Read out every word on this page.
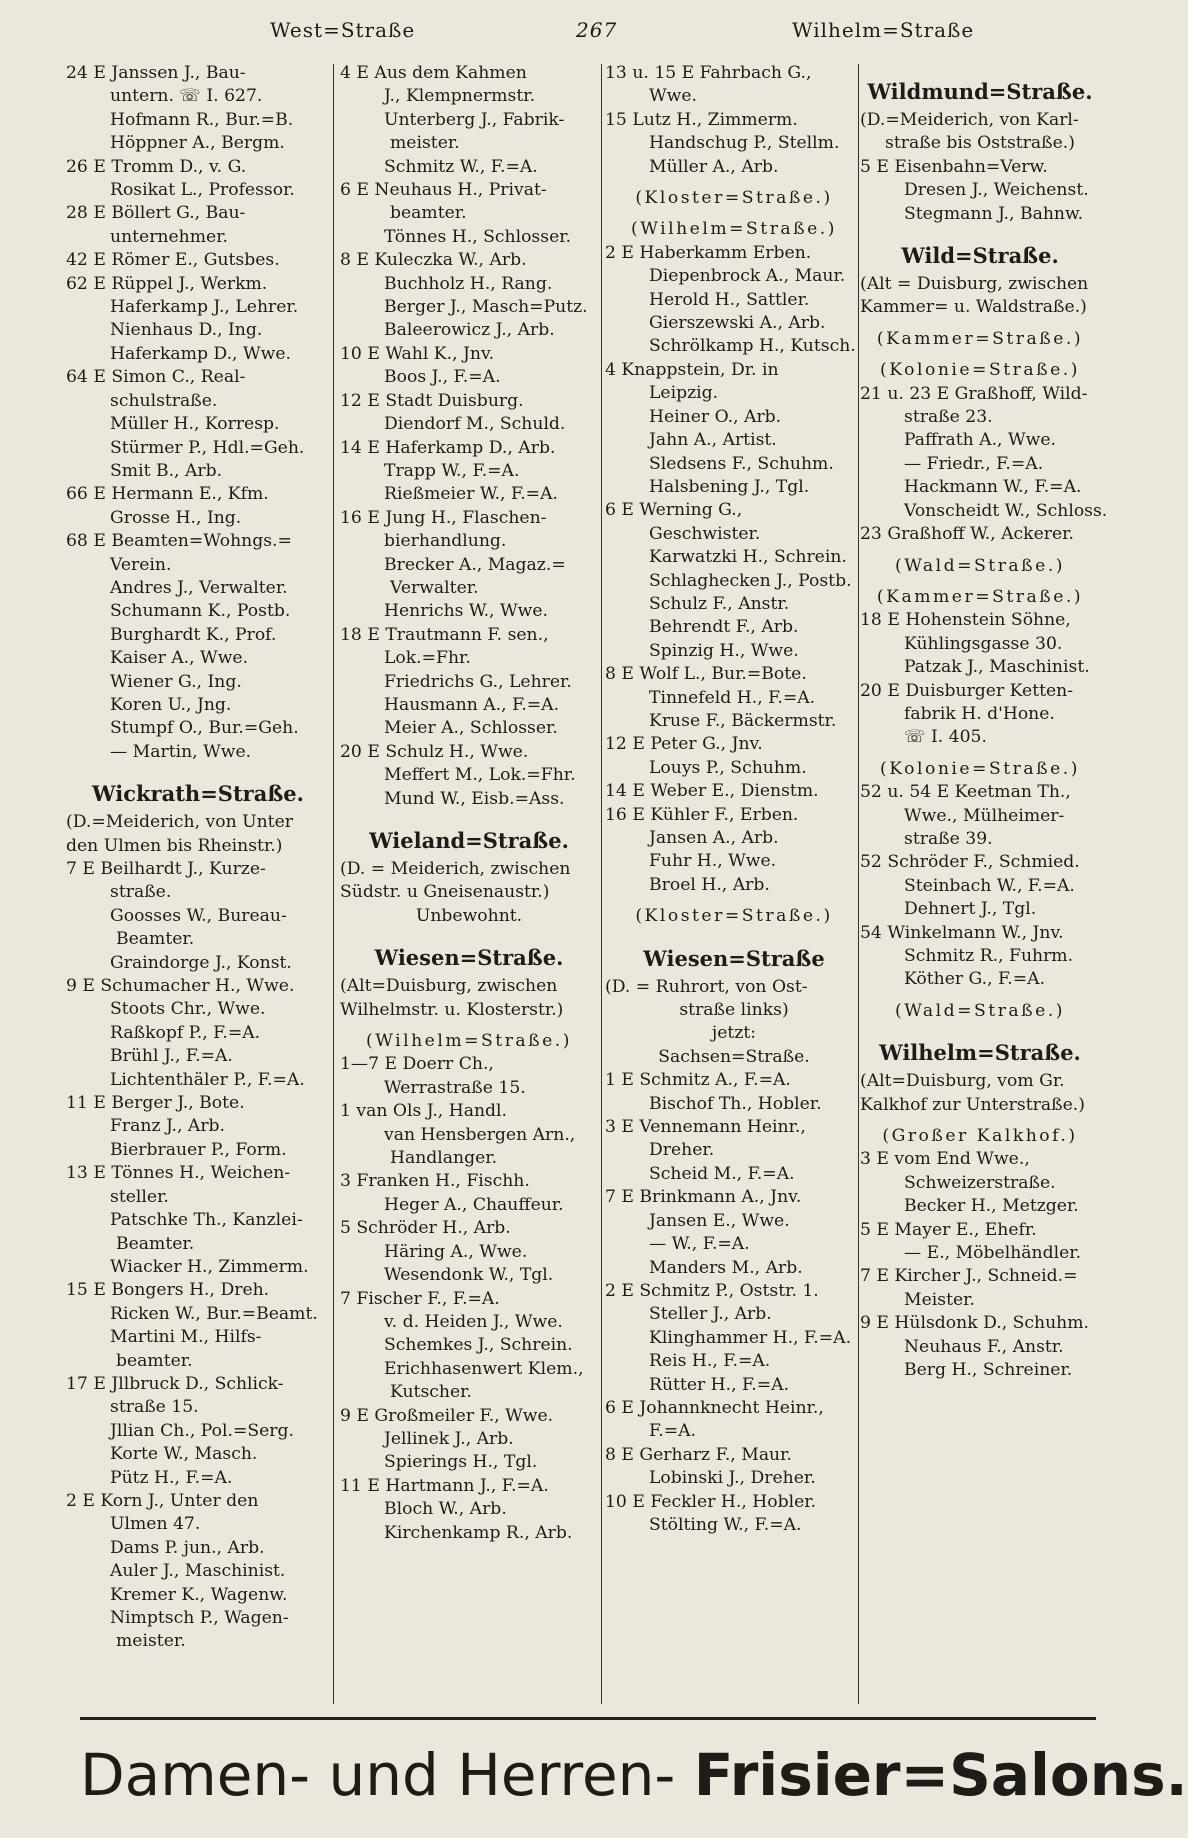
West=Straße	267	Wilhelm=Straße
24 E Janssen J., Bau-
untern. ☏ I. 627.
Hofmann R., Bur.=B.
Höppner A., Bergm.
26 E Tromm D., v. G.
Rosikat L., Professor.
28 E Böllert G., Bau-
unternehmer.
42 E Römer E., Gutsbes.
62 E Rüppel J., Werkm.
Haferkamp J., Lehrer.
Nienhaus D., Ing.
Haferkamp D., Wwe.
64 E Simon C., Real-
schulstraße.
Müller H., Korresp.
Stürmer P., Hdl.=Geh.
Smit B., Arb.
66 E Hermann E., Kfm.
Grosse H., Ing.
68 E Beamten=Wohngs.=
Verein.
Andres J., Verwalter.
Schumann K., Postb.
Burghardt K., Prof.
Kaiser A., Wwe.
Wiener G., Ing.
Koren U., Jng.
Stumpf O., Bur.=Geh.
— Martin, Wwe.
Wickrath=Straße.
(D.=Meiderich, von Unter
den Ulmen bis Rheinstr.)
7 E Beilhardt J., Kurze-
straße.
Goosses W., Bureau-
Beamter.
Graindorge J., Konst.
9 E Schumacher H., Wwe.
Stoots Chr., Wwe.
Raßkopf P., F.=A.
Brühl J., F.=A.
Lichtenthäler P., F.=A.
11 E Berger J., Bote.
Franz J., Arb.
Bierbrauer P., Form.
13 E Tönnes H., Weichen-
steller.
Patschke Th., Kanzlei-
Beamter.
Wiacker H., Zimmerm.
15 E Bongers H., Dreh.
Ricken W., Bur.=Beamt.
Martini M., Hilfs-
beamter.
17 E Jllbruck D., Schlick-
straße 15.
Jllian Ch., Pol.=Serg.
Korte W., Masch.
Pütz H., F.=A.
2 E Korn J., Unter den
Ulmen 47.
Dams P. jun., Arb.
Auler J., Maschinist.
Kremer K., Wagenw.
Nimptsch P., Wagen-
meister.
4 E Aus dem Kahmen
J., Klempnermstr.
Unterberg J., Fabrik-
meister.
Schmitz W., F.=A.
6 E Neuhaus H., Privat-
beamter.
Tönnes H., Schlosser.
8 E Kuleczka W., Arb.
Buchholz H., Rang.
Berger J., Masch=Putz.
Baleerowicz J., Arb.
10 E Wahl K., Jnv.
Boos J., F.=A.
12 E Stadt Duisburg.
Diendorf M., Schuld.
14 E Haferkamp D., Arb.
Trapp W., F.=A.
Rießmeier W., F.=A.
16 E Jung H., Flaschen-
bierhandlung.
Brecker A., Magaz.=
Verwalter.
Henrichs W., Wwe.
18 E Trautmann F. sen.,
Lok.=Fhr.
Friedrichs G., Lehrer.
Hausmann A., F.=A.
Meier A., Schlosser.
20 E Schulz H., Wwe.
Meffert M., Lok.=Fhr.
Mund W., Eisb.=Ass.
Wieland=Straße.
(D. = Meiderich, zwischen
Südstr. u Gneisenaustr.)
Unbewohnt.
Wiesen=Straße.
(Alt=Duisburg, zwischen
Wilhelmstr. u. Klosterstr.)
(Wilhelm=Straße.)
1—7 E Doerr Ch.,
Werrastraße 15.
1 van Ols J., Handl.
van Hensbergen Arn.,
Handlanger.
3 Franken H., Fischh.
Heger A., Chauffeur.
5 Schröder H., Arb.
Häring A., Wwe.
Wesendonk W., Tgl.
7 Fischer F., F.=A.
v. d. Heiden J., Wwe.
Schemkes J., Schrein.
Erichhasenwert Klem.,
Kutscher.
9 E Großmeiler F., Wwe.
Jellinek J., Arb.
Spierings H., Tgl.
11 E Hartmann J., F.=A.
Bloch W., Arb.
Kirchenkamp R., Arb.
13 u. 15 E Fahrbach G.,
Wwe.
15 Lutz H., Zimmerm.
Handschug P., Stellm.
Müller A., Arb.
(Kloster=Straße.)
(Wilhelm=Straße.)
2 E Haberkamm Erben.
Diepenbrock A., Maur.
Herold H., Sattler.
Gierszewski A., Arb.
Schrölkamp H., Kutsch.
4 Knappstein, Dr. in
Leipzig.
Heiner O., Arb.
Jahn A., Artist.
Sledsens F., Schuhm.
Halsbening J., Tgl.
6 E Werning G.,
Geschwister.
Karwatzki H., Schrein.
Schlaghecken J., Postb.
Schulz F., Anstr.
Behrendt F., Arb.
Spinzig H., Wwe.
8 E Wolf L., Bur.=Bote.
Tinnefeld H., F.=A.
Kruse F., Bäckermstr.
12 E Peter G., Jnv.
Louys P., Schuhm.
14 E Weber E., Dienstm.
16 E Kühler F., Erben.
Jansen A., Arb.
Fuhr H., Wwe.
Broel H., Arb.
(Kloster=Straße.)
Wiesen=Straße
(D. = Ruhrort, von Ost-
straße links)
jetzt:
Sachsen=Straße.
1 E Schmitz A., F.=A.
Bischof Th., Hobler.
3 E Vennemann Heinr.,
Dreher.
Scheid M., F.=A.
7 E Brinkmann A., Jnv.
Jansen E., Wwe.
— W., F.=A.
Manders M., Arb.
2 E Schmitz P., Oststr. 1.
Steller J., Arb.
Klinghammer H., F.=A.
Reis H., F.=A.
Rütter H., F.=A.
6 E Johannknecht Heinr.,
F.=A.
8 E Gerharz F., Maur.
Lobinski J., Dreher.
10 E Feckler H., Hobler.
Stölting W., F.=A.
Wildmund=Straße.
(D.=Meiderich, von Karl-
straße bis Oststraße.)
5 E Eisenbahn=Verw.
Dresen J., Weichenst.
Stegmann J., Bahnw.
Wild=Straße.
(Alt = Duisburg, zwischen
Kammer= u. Waldstraße.)
(Kammer=Straße.)
(Kolonie=Straße.)
21 u. 23 E Graßhoff, Wild-
straße 23.
Paffrath A., Wwe.
— Friedr., F.=A.
Hackmann W., F.=A.
Vonscheidt W., Schloss.
23 Graßhoff W., Ackerer.
(Wald=Straße.)
(Kammer=Straße.)
18 E Hohenstein Söhne,
Kühlingsgasse 30.
Patzak J., Maschinist.
20 E Duisburger Ketten-
fabrik H. d'Hone.
☏ I. 405.
(Kolonie=Straße.)
52 u. 54 E Keetman Th.,
Wwe., Mülheimer-
straße 39.
52 Schröder F., Schmied.
Steinbach W., F.=A.
Dehnert J., Tgl.
54 Winkelmann W., Jnv.
Schmitz R., Fuhrm.
Köther G., F.=A.
(Wald=Straße.)
Wilhelm=Straße.
(Alt=Duisburg, vom Gr.
Kalkhof zur Unterstraße.)
(Großer Kalkhof.)
3 E vom End Wwe.,
Schweizerstraße.
Becker H., Metzger.
5 E Mayer E., Ehefr.
— E., Möbelhändler.
7 E Kircher J., Schneid.=
Meister.
9 E Hülsdonk D., Schuhm.
Neuhaus F., Anstr.
Berg H., Schreiner.
Damen- und Herren- Frisier=Salons.
